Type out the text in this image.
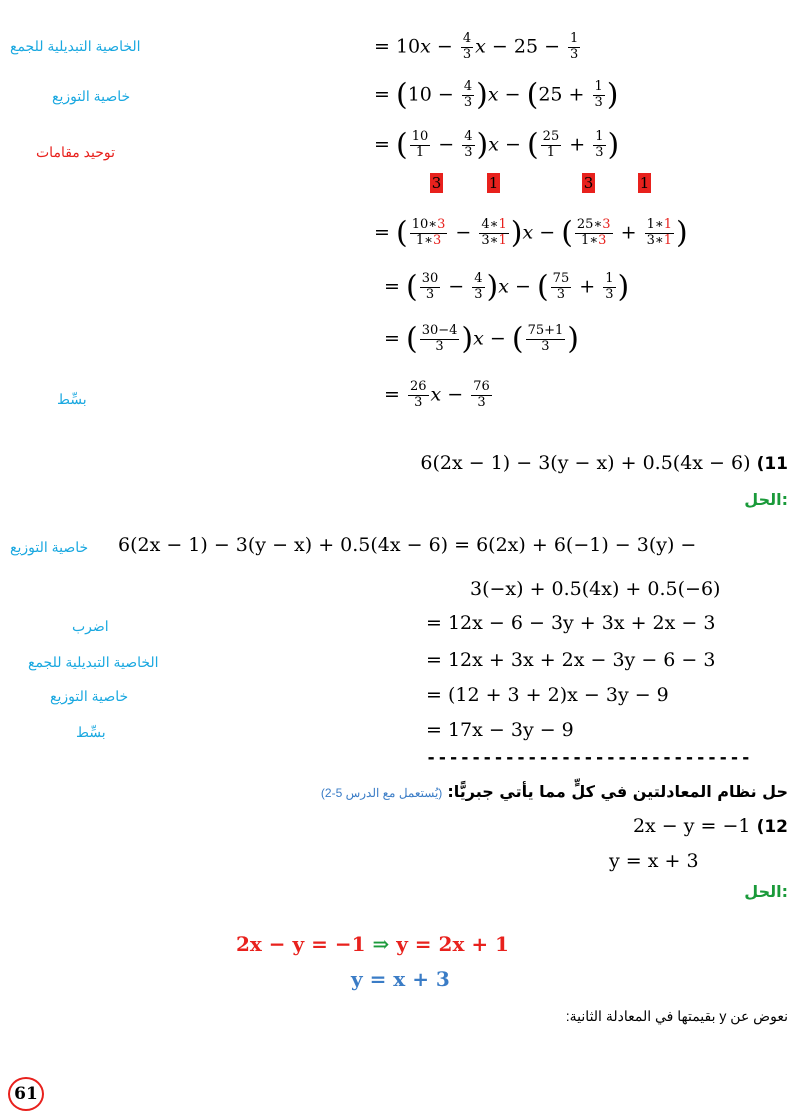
الخاصية التبديلية للجمع
خاصية التوزيع
توحيد مقامات
بسِّط
= $10x - \frac{4}{3}$ $x - 25 - \frac{1}{3}$
= $(10 - \frac{4}{3} )x - (25 + \frac{1}{3}$ )
= ( $\frac{10}{1} - \frac{4}{3} )x$ − ( $\frac{25}{1} + \frac{1}{3}$ )
3	1	3	1
= ( $\frac{10∗3}{1∗3} - \frac{4∗1}{3∗1} )x$ − ( $\frac{25∗3}{1∗3} + \frac{1∗1}{3∗1}$ )
= ( $\frac{30}{3} - \frac{4}{3} )x$ − ( $\frac{75}{3} + \frac{1}{3}$ )
= ( $\frac{30-4}{3} )x$ − ( $\frac{75+1}{3}$ )
= $\frac{26}{3}$ $x - \frac{76}{3}$
6(2x − 1) − 3(y − x) + 0.5(4x − 6) (11
الحل:
خاصية التوزيع 6(2x − 1) − 3(y − x) + 0.5(4x − 6) = 6(2x) + 6(−1) − 3(y) −
3(−x) + 0.5(4x) + 0.5(−6)
اضرب	= 12x − 6 − 3y + 3x + 2x − 3
الخاصية التبديلية للجمع	= 12x + 3x + 2x − 3y − 6 − 3
خاصية التوزيع	= (12 + 3 + 2)x − 3y − 9
بسِّط	= 17x − 3y − 9
-----------------------------
حل نظام المعادلتين في كلٍّ مما يأتي جبريًّا: (يُستعمل مع الدرس 5-2)
2x − y = −1 (12
y = x + 3
الحل:
2x − y = −1 ⇒ y = 2x + 1
y = x + 3
نعوض عن y بقيمتها في المعادلة الثانية:
61
